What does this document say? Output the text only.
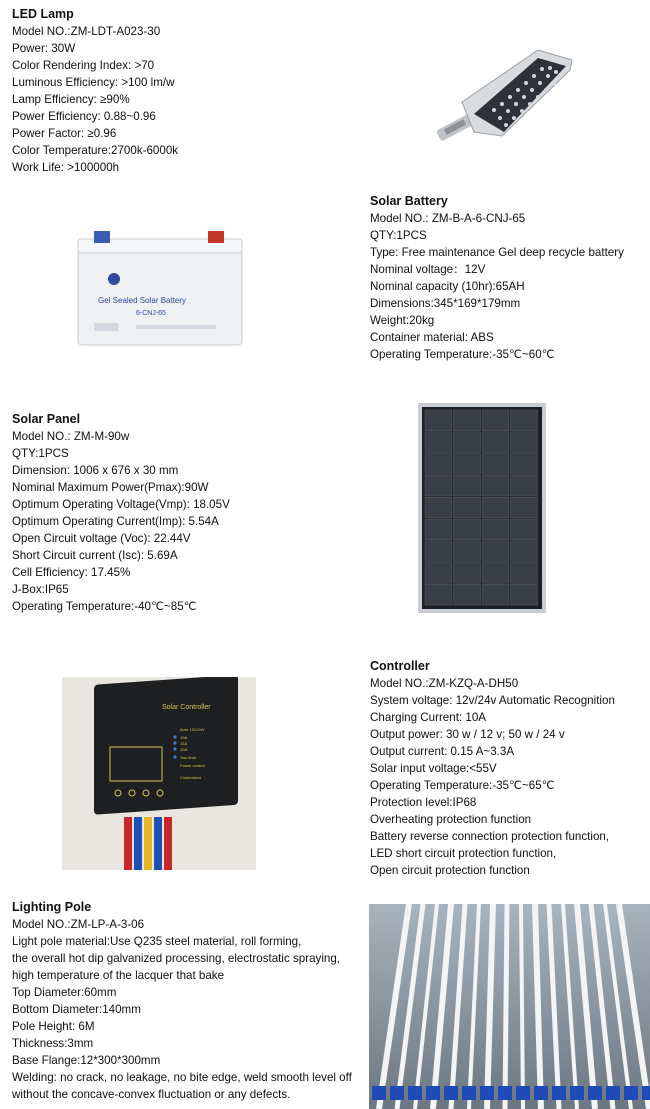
LED Lamp

Model NO.:ZM-LDT-A023-30

Power: 30W

Color Rendering Index: >70

Luminous Efficiency: >100 lm/w

Lamp Efficiency: ≥90%

Power Efficiency: 0.88~0.96

Power Factor: ≥0.96

Color Temperature:2700k-6000k

Work Life: >100000h

Gel Sealed Solar Battery
6-CNJ-65
Solar Battery

Model NO.: ZM-B-A-6-CNJ-65

QTY:1PCS

Type: Free maintenance Gel deep recycle battery

Nominal voltage：12V

Nominal capacity (10hr):65AH

Dimensions:345*169*179mm

Weight:20kg

Container material: ABS

Operating Temperature:-35℃~60℃

Solar Panel

Model NO.: ZM-M-90w

QTY:1PCS

Dimension: 1006 x 676 x 30 mm

Nominal Maximum Power(Pmax):90W

Optimum Operating Voltage(Vmp): 18.05V

Optimum Operating Current(Imp): 5.54A

Open Circuit voltage (Voc): 22.44V

Short Circuit current (Isc): 5.69A

Cell Efficiency: 17.45%

J-Box:IP65

Operating Temperature:-40℃~85℃

Solar Controller
Auto 12V/24V
10A
15A
20A
Two time
Power control
Customized
Controller

Model NO.:ZM-KZQ-A-DH50

System voltage: 12v/24v Automatic Recognition

Charging Current: 10A

Output power: 30 w / 12 v; 50 w / 24 v

Output current: 0.15 A~3.3A

Solar input voltage:<55V

Operating Temperature:-35℃~65℃

Protection level:IP68

Overheating protection function

Battery reverse connection protection function,

LED short circuit protection function,

Open circuit protection function

Lighting Pole

Model NO.:ZM-LP-A-3-06

Light pole material:Use Q235 steel material, roll forming,

the overall hot dip galvanized processing, electrostatic spraying,

high temperature of the lacquer that bake

Top Diameter:60mm

Bottom Diameter:140mm

Pole Height: 6M

Thickness:3mm

Base Flange:12*300*300mm

Welding: no crack, no leakage, no bite edge, weld smooth level off

without the concave-convex fluctuation or any defects.
